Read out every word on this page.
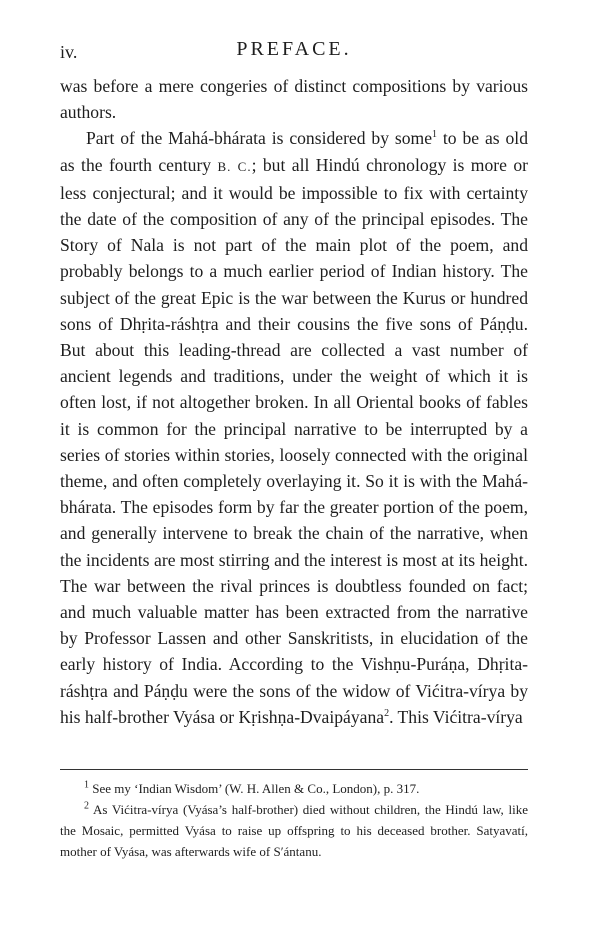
iv.	PREFACE.

was before a mere congeries of distinct compositions by various authors.

Part of the Mahá-bhárata is considered by some$^1$ to be as old as the fourth century B. C.; but all Hindú chronology is more or less conjectural; and it would be impossible to fix with certainty the date of the composition of any of the principal episodes. The Story of Nala is not part of the main plot of the poem, and probably belongs to a much earlier period of Indian history. The subject of the great Epic is the war between the Kurus or hundred sons of Dhṛita-ráshṭra and their cousins the five sons of Páṇḍu. But about this leading-thread are collected a vast number of ancient legends and traditions, under the weight of which it is often lost, if not altogether broken. In all Oriental books of fables it is common for the principal narrative to be interrupted by a series of stories within stories, loosely connected with the original theme, and often completely overlaying it. So it is with the Mahá-bhárata. The episodes form by far the greater portion of the poem, and generally intervene to break the chain of the narrative, when the incidents are most stirring and the interest is most at its height. The war between the rival princes is doubtless founded on fact; and much valuable matter has been extracted from the narrative by Professor Lassen and other Sanskritists, in elucidation of the early history of India. According to the Vishṇu-Puráṇa, Dhṛita-ráshṭra and Páṇḍu were the sons of the widow of Vićitra-vírya by his half-brother Vyása or Kṛishṇa-Dvaipáyana$^2$. This Vićitra-vírya

$^1$ See my ‘Indian Wisdom’ (W. H. Allen & Co., London), p. 317.

$^2$ As Vićitra-vírya (Vyása’s half-brother) died without children, the Hindú law, like the Mosaic, permitted Vyása to raise up offspring to his deceased brother. Satyavatí, mother of Vyása, was afterwards wife of S′ántanu.
